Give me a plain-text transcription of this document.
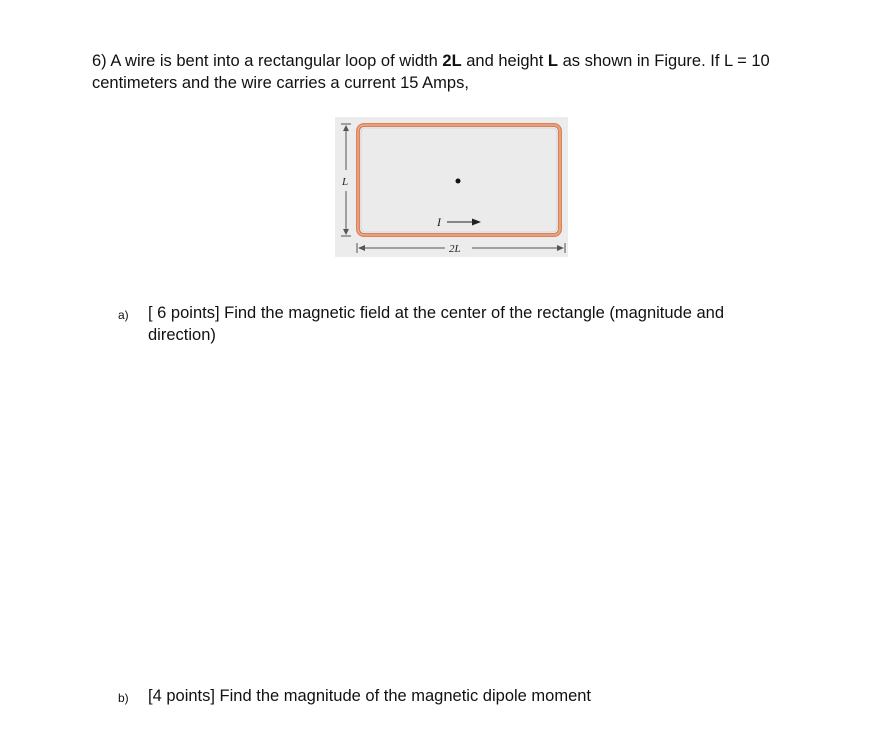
6) A wire is bent into a rectangular loop of width 2L and height L as shown in Figure. If L = 10 centimeters and the wire carries a current 15 Amps,
I
L
2L
a) [ 6 points] Find the magnetic field at the center of the rectangle (magnitude and direction)
b) [4 points] Find the magnitude of the magnetic dipole moment
